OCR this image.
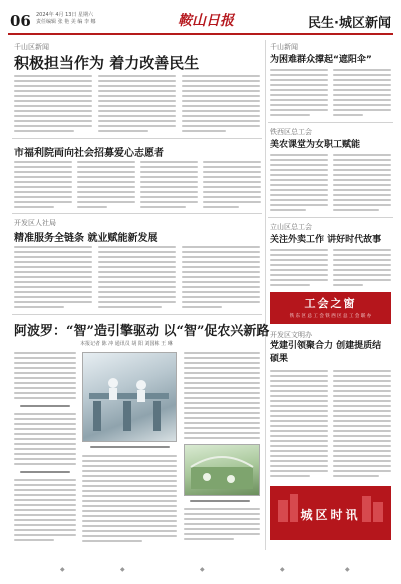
06 2024年 4月 13日 星期六
责任编辑 张 艳 美 编 李 娜	鞍山日报	民生·城区新闻
千山区新闻
积极担当作为 着力改善民生
市福利院両向社会招募爱心志愿者
开发区人社局
精准服务全链条 就业赋能新发展
阿波罗：“智”造引擎驱动 以“智”促农兴新路
本报记者 陈 冲 通讯员 胡 阳 刘国栋 王 琳
千山新闻
为困难群众撑起“遮阳伞”
铁西区总工会
美农课堂为女职工赋能
立山区总工会
关注外卖工作 讲好时代故事
工会之窗
铁 东 区 总 工 会 铁 西 区 总 工 会 联 办
开发区文明办
党建引领聚合力 创建提质结硕果
城区时讯
◆	◆	◆	◆	◆
